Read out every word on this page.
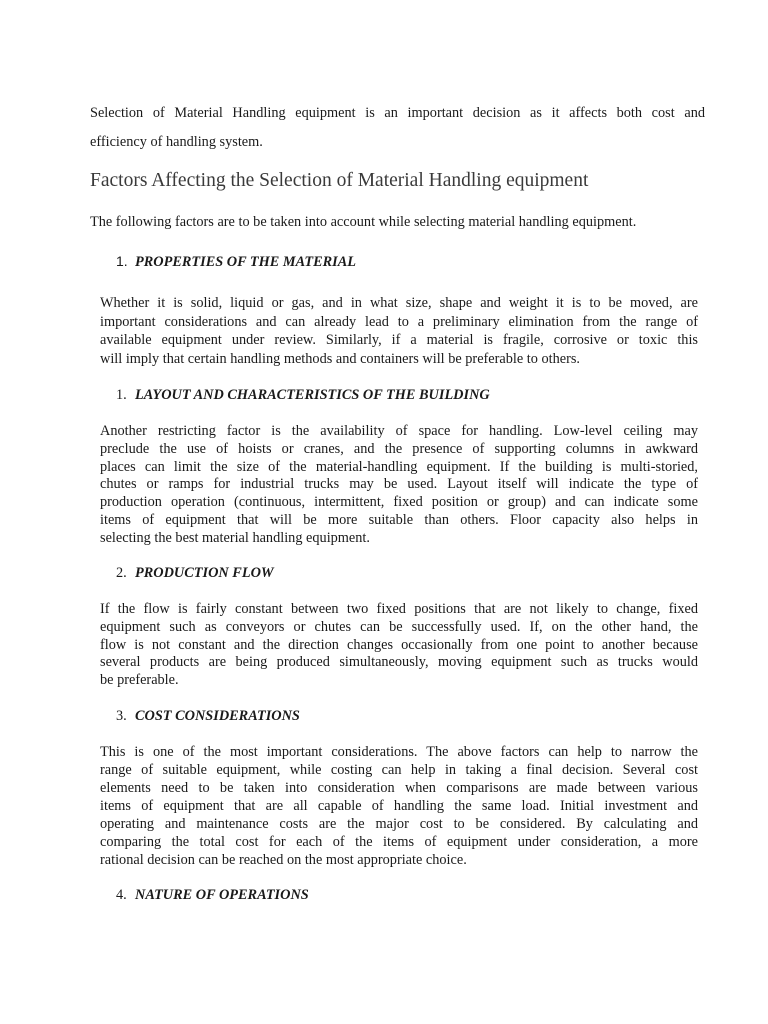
Selection of Material Handling equipment is an important decision as it affects both cost and
efficiency of handling system.
Factors Affecting the Selection of Material Handling equipment
The following factors are to be taken into account while selecting material handling equipment.
1. PROPERTIES OF THE MATERIAL
Whether it is solid, liquid or gas, and in what size, shape and weight it is to be moved, are
important considerations and can already lead to a preliminary elimination from the range of
available equipment under review. Similarly, if a material is fragile, corrosive or toxic this
will imply that certain handling methods and containers will be preferable to others.
1. LAYOUT AND CHARACTERISTICS OF THE BUILDING
Another restricting factor is the availability of space for handling. Low-level ceiling may
preclude the use of hoists or cranes, and the presence of supporting columns in awkward
places can limit the size of the material-handling equipment. If the building is multi-storied,
chutes or ramps for industrial trucks may be used. Layout itself will indicate the type of
production operation (continuous, intermittent, fixed position or group) and can indicate some
items of equipment that will be more suitable than others. Floor capacity also helps in
selecting the best material handling equipment.
2. PRODUCTION FLOW
If the flow is fairly constant between two fixed positions that are not likely to change, fixed
equipment such as conveyors or chutes can be successfully used. If, on the other hand, the
flow is not constant and the direction changes occasionally from one point to another because
several products are being produced simultaneously, moving equipment such as trucks would
be preferable.
3. COST CONSIDERATIONS
This is one of the most important considerations. The above factors can help to narrow the
range of suitable equipment, while costing can help in taking a final decision. Several cost
elements need to be taken into consideration when comparisons are made between various
items of equipment that are all capable of handling the same load. Initial investment and
operating and maintenance costs are the major cost to be considered. By calculating and
comparing the total cost for each of the items of equipment under consideration, a more
rational decision can be reached on the most appropriate choice.
4. NATURE OF OPERATIONS
